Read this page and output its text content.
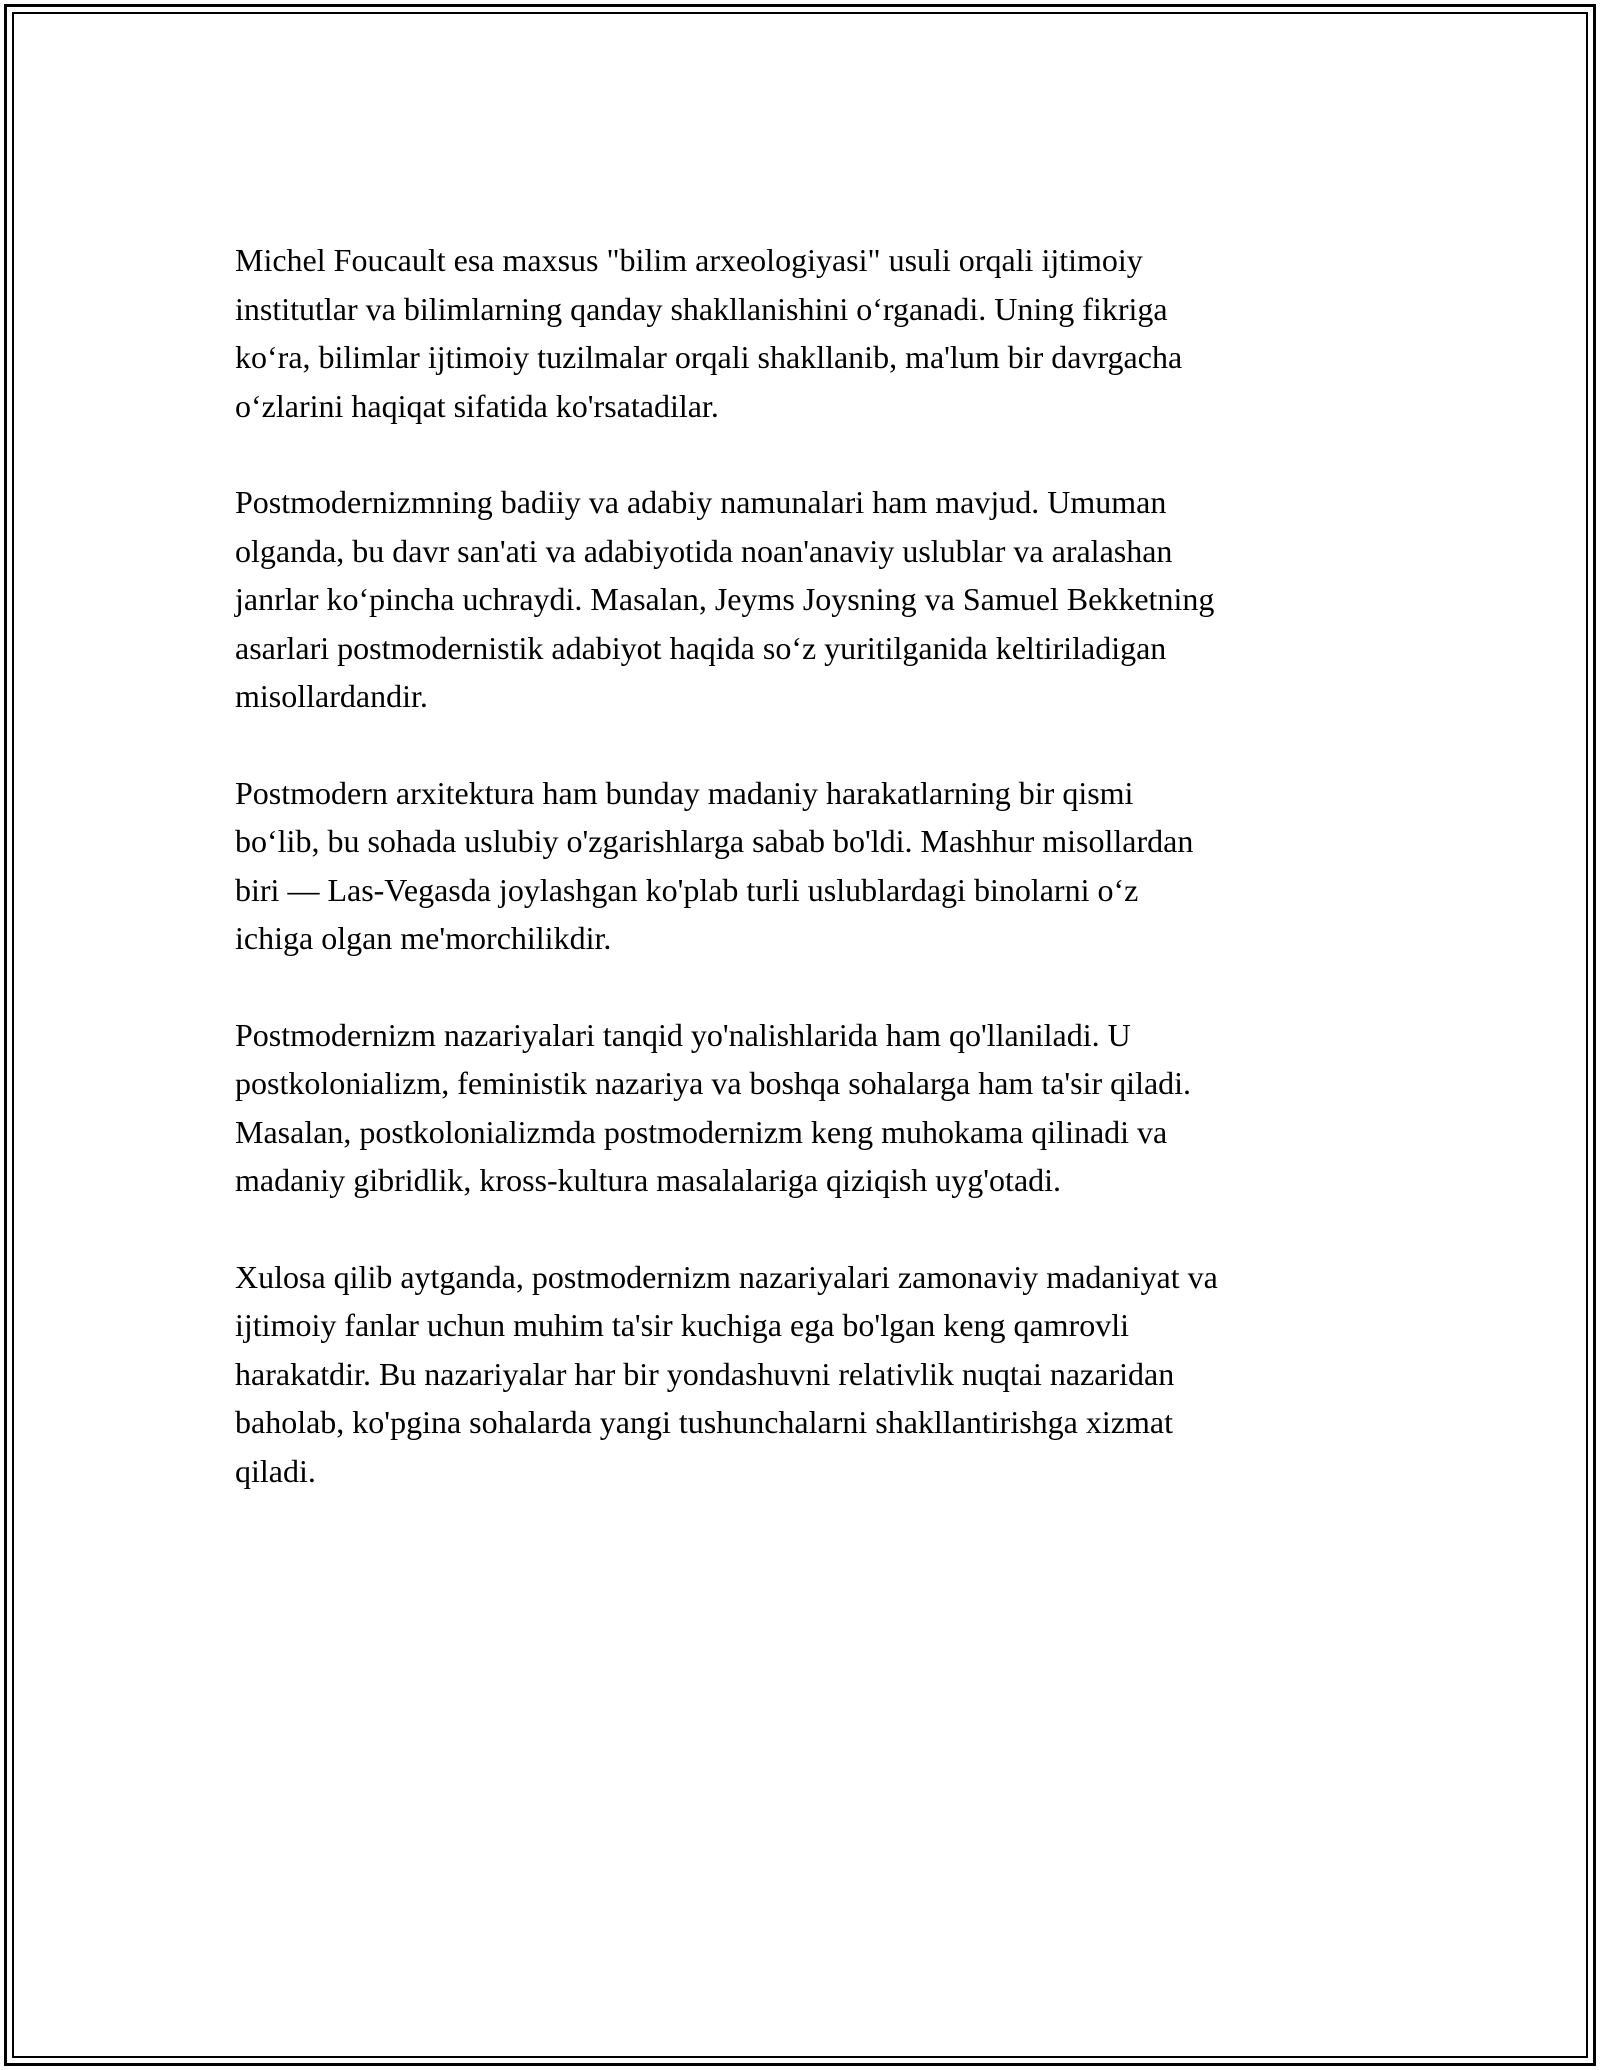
Michel Foucault esa maxsus "bilim arxeologiyasi" usuli orqali ijtimoiy
institutlar va bilimlarning qanday shakllanishini oʻrganadi. Uning fikriga
koʻra, bilimlar ijtimoiy tuzilmalar orqali shakllanib, ma'lum bir davrgacha
oʻzlarini haqiqat sifatida ko'rsatadilar.

Postmodernizmning badiiy va adabiy namunalari ham mavjud. Umuman
olganda, bu davr san'ati va adabiyotida noan'anaviy uslublar va aralashan
janrlar koʻpincha uchraydi. Masalan, Jeyms Joysning va Samuel Bekketning
asarlari postmodernistik adabiyot haqida soʻz yuritilganida keltiriladigan
misollardandir.

Postmodern arxitektura ham bunday madaniy harakatlarning bir qismi
boʻlib, bu sohada uslubiy o'zgarishlarga sabab bo'ldi. Mashhur misollardan
biri — Las-Vegasda joylashgan ko'plab turli uslublardagi binolarni oʻz
ichiga olgan me'morchilikdir.

Postmodernizm nazariyalari tanqid yo'nalishlarida ham qo'llaniladi. U
postkolonializm, feministik nazariya va boshqa sohalarga ham ta'sir qiladi.
Masalan, postkolonializmda postmodernizm keng muhokama qilinadi va
madaniy gibridlik, kross-kultura masalalariga qiziqish uyg'otadi.

Xulosa qilib aytganda, postmodernizm nazariyalari zamonaviy madaniyat va
ijtimoiy fanlar uchun muhim ta'sir kuchiga ega bo'lgan keng qamrovli
harakatdir. Bu nazariyalar har bir yondashuvni relativlik nuqtai nazaridan
baholab, ko'pgina sohalarda yangi tushunchalarni shakllantirishga xizmat
qiladi.
